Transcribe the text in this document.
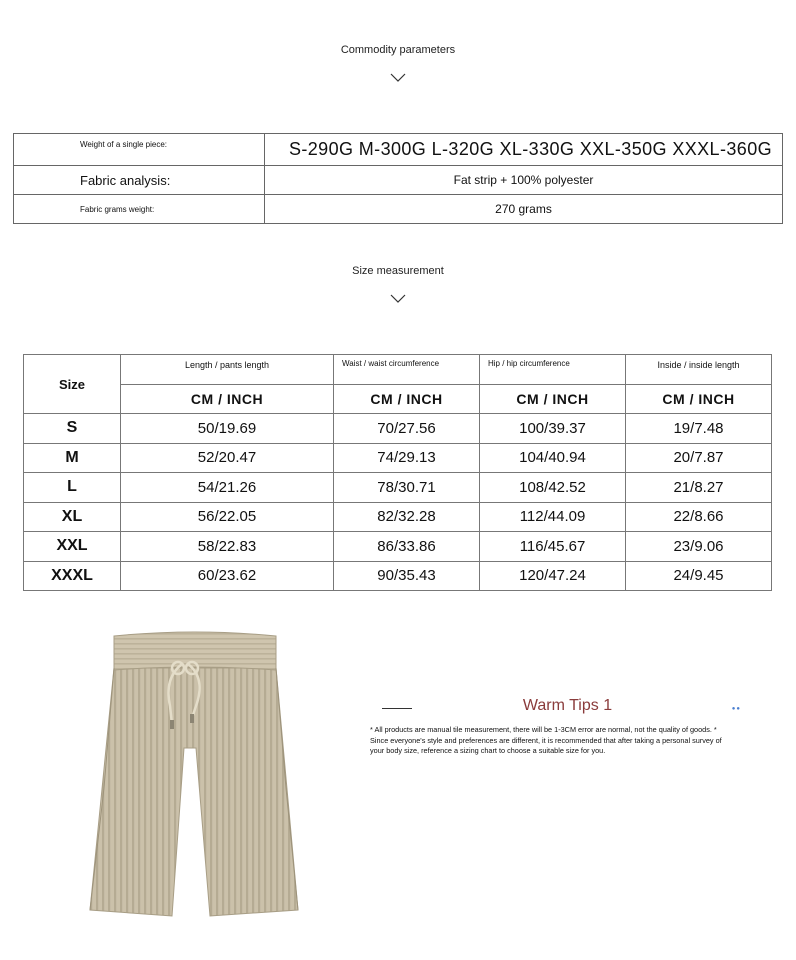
Commodity parameters
Weight of a single piece:	S-290G M-300G L-320G XL-330G XXL-350G XXXL-360G
Fabric analysis:	Fat strip + 100% polyester
Fabric grams weight:	270 grams
Size measurement
Size	Length / pants length	Waist / waist circumference	Hip / hip circumference	Inside / inside length
	CM / INCH	CM / INCH	CM / INCH	CM / INCH
S	50/19.69	70/27.56	100/39.37	19/7.48
M	52/20.47	74/29.13	104/40.94	20/7.87
L	54/21.26	78/30.71	108/42.52	21/8.27
XL	56/22.05	82/32.28	112/44.09	22/8.66
XXL	58/22.83	86/33.86	116/45.67	23/9.06
XXXL	60/23.62	90/35.43	120/47.24	24/9.45
Warm Tips 1	●●
* All products are manual tile measurement, there will be 1-3CM error are normal, not the quality of goods. *
Since everyone's style and preferences are different, it is recommended that after taking a personal survey of
your body size, reference a sizing chart to choose a suitable size for you.
